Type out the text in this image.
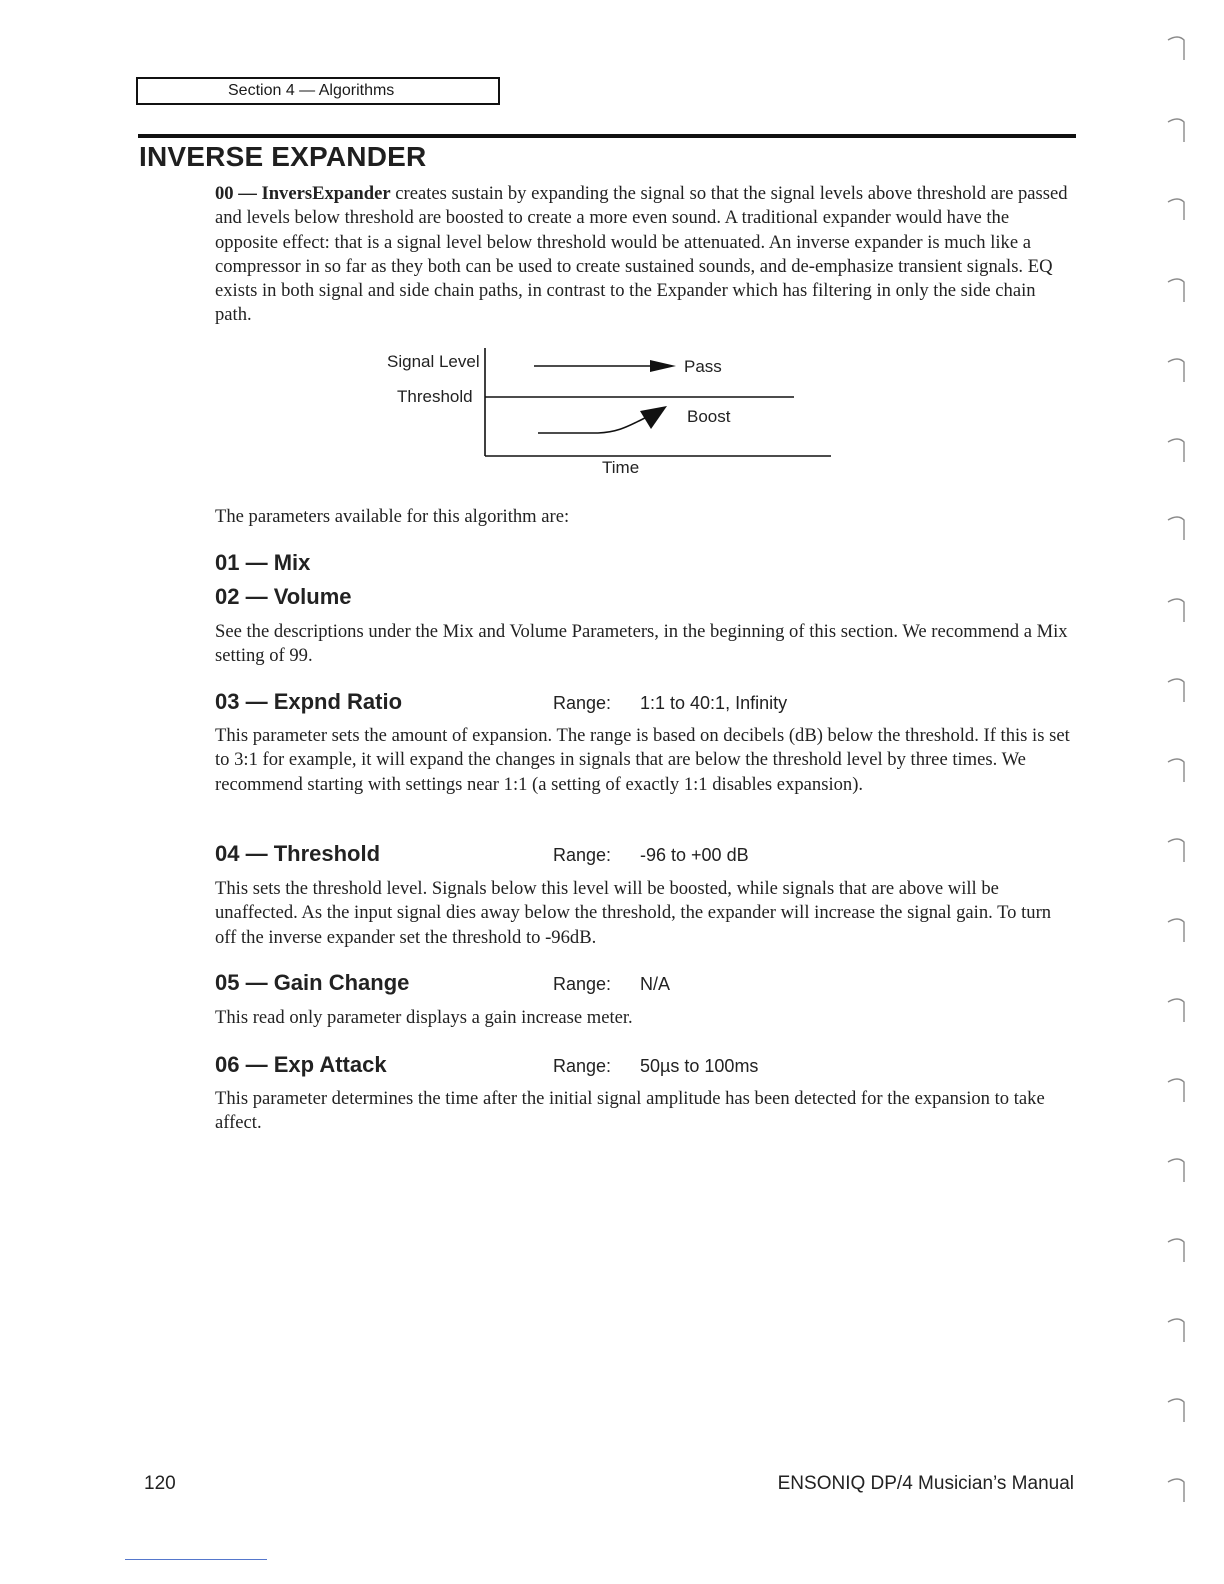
Section 4 — Algorithms
INVERSE EXPANDER

00 — InversExpander creates sustain by expanding the signal so that the signal levels above threshold are passed and levels below threshold are boosted to create a more even sound. A traditional expander would have the opposite effect: that is a signal level below threshold would be attenuated. An inverse expander is much like a compressor in so far as they both can be used to create sustained sounds, and de-emphasize transient signals. EQ exists in both signal and side chain paths, in contrast to the Expander which has filtering in only the side chain path.

Signal Level
Threshold
Pass
Boost
Time

The parameters available for this algorithm are:

01 — Mix
02 — Volume

See the descriptions under the Mix and Volume Parameters, in the beginning of this section. We recommend a Mix setting of 99.

03 — Expnd Ratio	Range: 1:1 to 40:1, Infinity

This parameter sets the amount of expansion. The range is based on decibels (dB) below the threshold. If this is set to 3:1 for example, it will expand the changes in signals that are below the threshold level by three times. We recommend starting with settings near 1:1 (a setting of exactly 1:1 disables expansion).

04 — Threshold	Range: -96 to +00 dB

This sets the threshold level. Signals below this level will be boosted, while signals that are above will be unaffected. As the input signal dies away below the threshold, the expander will increase the signal gain. To turn off the inverse expander set the threshold to -96dB.

05 — Gain Change	Range: N/A

This read only parameter displays a gain increase meter.

06 — Exp Attack	Range: 50µs to 100ms

This parameter determines the time after the initial signal amplitude has been detected for the expansion to take affect.

120	ENSONIQ DP/4 Musician’s Manual
